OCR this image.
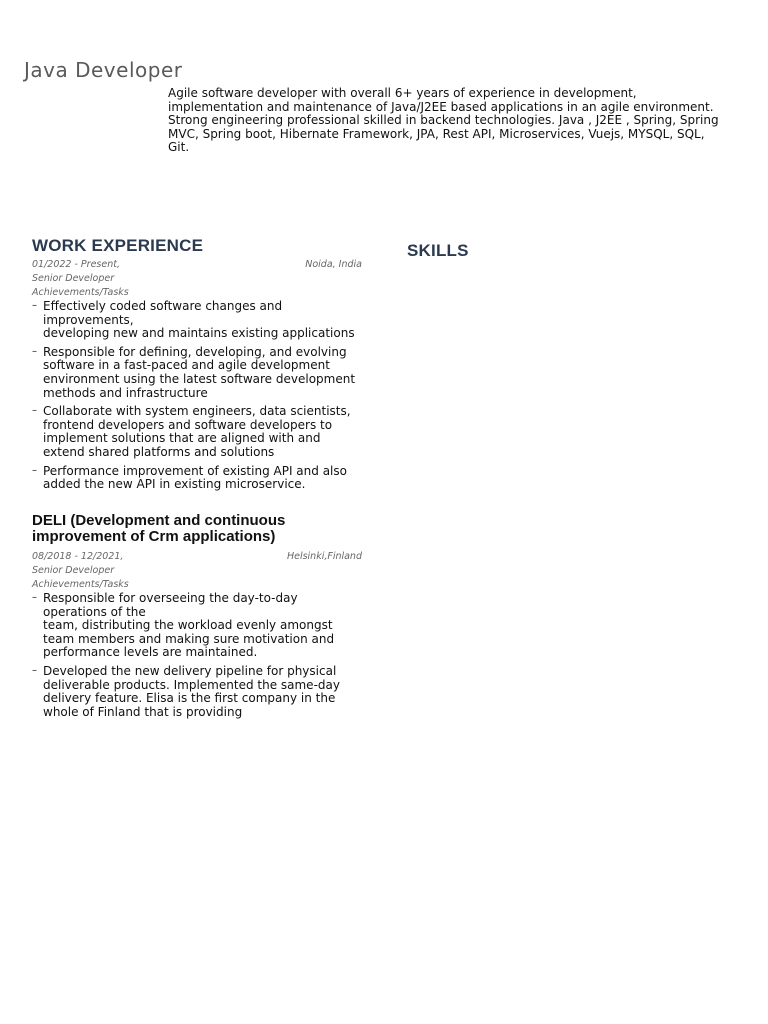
Java Developer

Agile software developer with overall 6+ years of experience in development, implementation and maintenance of Java/J2EE based applications in an agile environment. Strong engineering professional skilled in backend technologies. Java , J2EE , Spring, Spring MVC, Spring boot, Hibernate Framework, JPA, Rest API, Microservices, Vuejs, MYSQL, SQL, Git.

WORK EXPERIENCE	SKILLS
01/2022 - Present,	Noida, India
Senior Developer
Achievements/Tasks
– Effectively coded software changes and improvements,
developing new and maintains existing applications
– Responsible for defining, developing, and evolving software in a fast-paced and agile development environment using the latest software development methods and infrastructure
– Collaborate with system engineers, data scientists, frontend developers and software developers to implement solutions that are aligned with and extend shared platforms and solutions
– Performance improvement of existing API and also added the new API in existing microservice.
DELI (Development and continuous improvement of Crm applications)
08/2018 - 12/2021,	Helsinki,Finland
Senior Developer
Achievements/Tasks
– Responsible for overseeing the day-to-day operations of the
team, distributing the workload evenly amongst team members and making sure motivation and performance levels are maintained.
– Developed the new delivery pipeline for physical deliverable products. Implemented the same-day delivery feature. Elisa is the first company in the whole of Finland that is providing
